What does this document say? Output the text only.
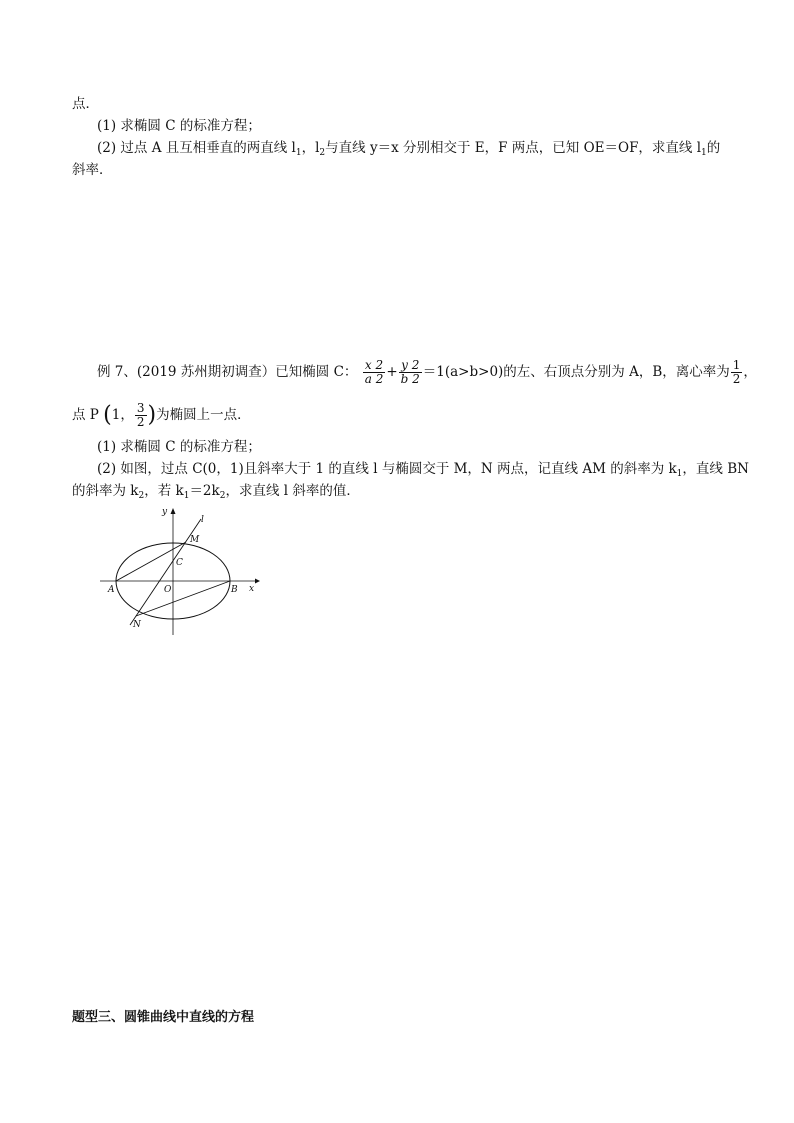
点．
(1) 求椭圆 C 的标准方程；
(2) 过点 A 且互相垂直的两直线 $l_1$，$l_2$与直线 y＝x 分别相交于 E，F 两点，已知 OE＝OF，求直线 $l_1$的
斜率．
例 7、(2019 苏州期初调查）已知椭圆 C： $\frac{x 2}{a 2} + \frac{y 2}{b 2} =1(a>b>0)$的左、右顶点分别为 A，B，离心率为 $\frac{1}{2}$ ，
点 P (1， $\frac{3}{2}$ )为椭圆上一点．
(1) 求椭圆 C 的标准方程；
(2) 如图，过点 C(0，1)且斜率大于 1 的直线 l 与椭圆交于 M，N 两点，记直线 AM 的斜率为 $k_1$，直线 BN
的斜率为 $k_2$，若 $k_1=2k_2$，求直线 l 斜率的值．
y
x
l
M
C
O
A	B
N
题型三、圆锥曲线中直线的方程
